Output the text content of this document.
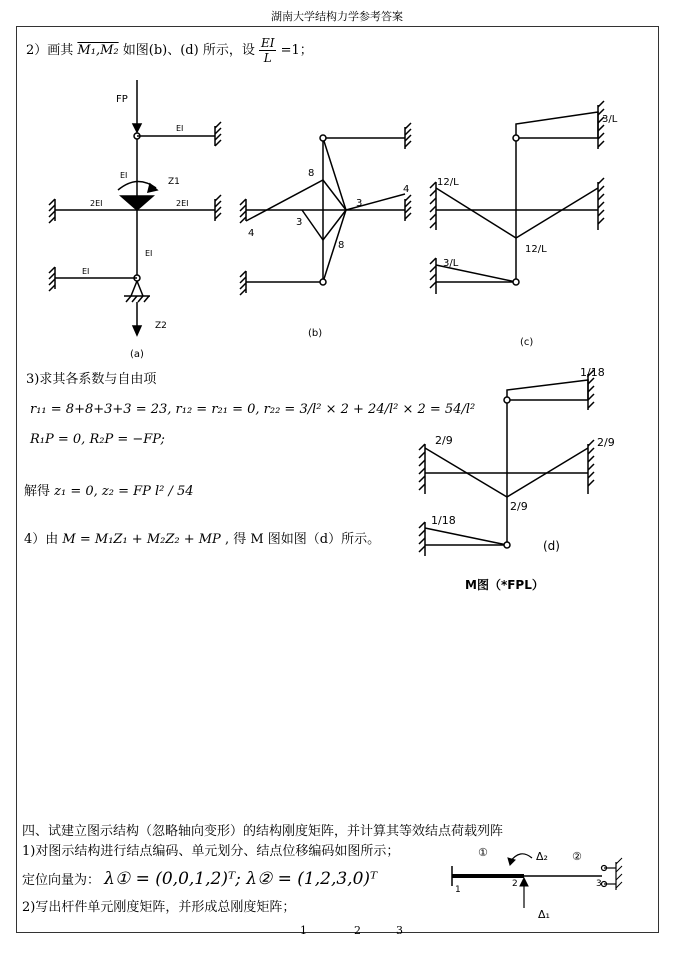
湖南大学结构力学参考答案
2）画其 M₁,M₂ 如图(b)、(d) 所示，设 $\frac{EI}{L} =1$；
FP
EI
EI
Z1
2EI	2EI
EI
EI
Z2
(a)
8
4
3
3
4
8
(b)
3/L
12/L
12/L
3/L
(c)
3)求其各系数与自由项
r₁₁ = 8+8+3+3 = 23, r₁₂ = r₂₁ = 0, r₂₂ = 3/l² × 2 + 24/l² × 2 = 54/l²
R₁P = 0, R₂P = −FP;
解得 z₁ = 0, z₂ = FP l² / 54
4）由 M = M₁Z₁ + M₂Z₂ + MP , 得 M 图如图（d）所示。
1/18
2/9	2/9
2/9
1/18
(d)
M图（*FPL）
四、试建立图示结构（忽略轴向变形）的结构刚度矩阵，并计算其等效结点荷载列阵
1)对图示结构进行结点编码、单元划分、结点位移编码如图所示；
定位向量为： λ① = (0,0,1,2)ᵀ; λ② = (1,2,3,0)ᵀ
2)写出杆件单元刚度矩阵，并形成总刚度矩阵；
1	2	3
①	Δ₂ ②
1
2	3
Δ₁
